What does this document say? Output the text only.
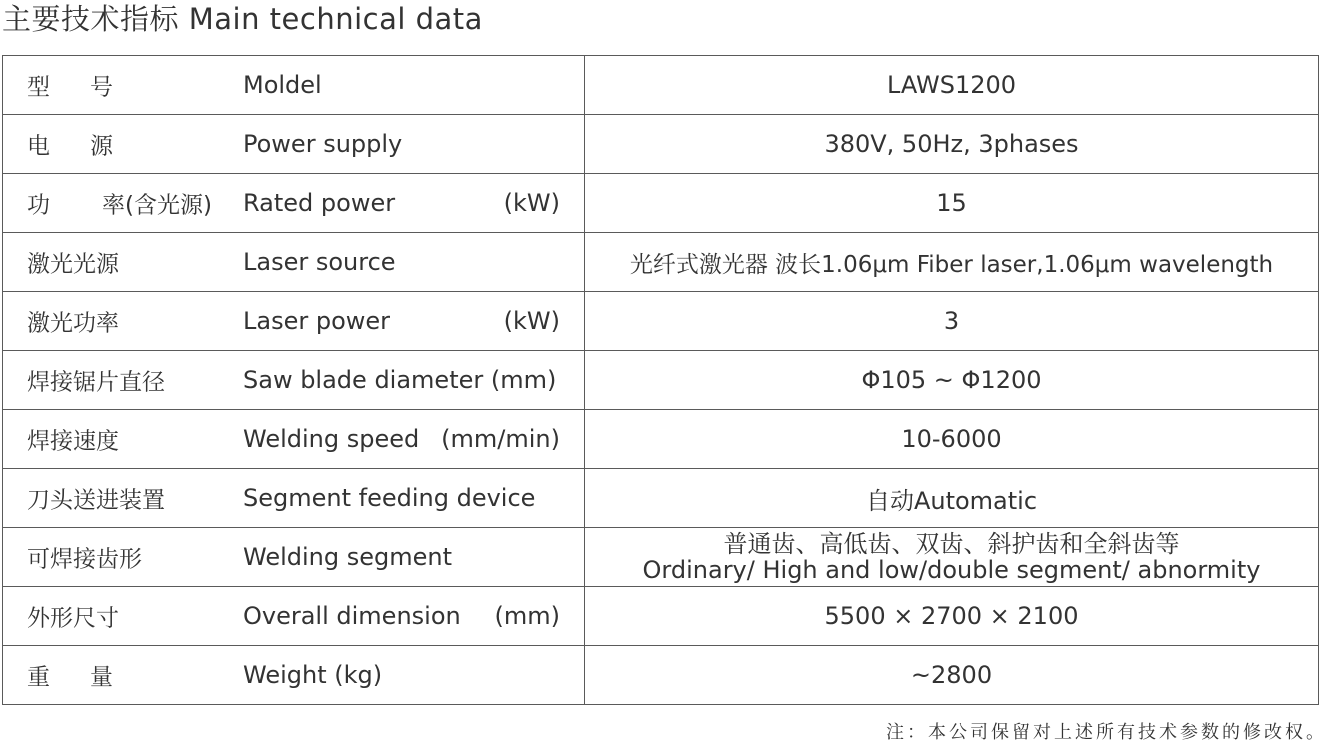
主要技术指标 Main technical data
型号 Moldel	LAWS1200

电源 Power supply	380V, 50Hz, 3phases

功 率(含光源) Rated power (kW)	15

激光光源 Laser source	光纤式激光器 波长1.06μm Fiber laser,1.06μm wavelength

激光功率 Laser power (kW)	3

焊接锯片直径 Saw blade diameter (mm)	Φ105 ~ Φ1200

焊接速度 Welding speed (mm/min)	10-6000

刀头送进装置 Segment feeding device	自动Automatic

可焊接齿形 Welding segment	普通齿、高低齿、双齿、斜护齿和全斜齿等
Ordinary/ High and low/double segment/ abnormity

外形尺寸 Overall dimension (mm)	5500 × 2700 × 2100

重量 Weight (kg)	~2800
注：本公司保留对上述所有技术参数的修改权。
